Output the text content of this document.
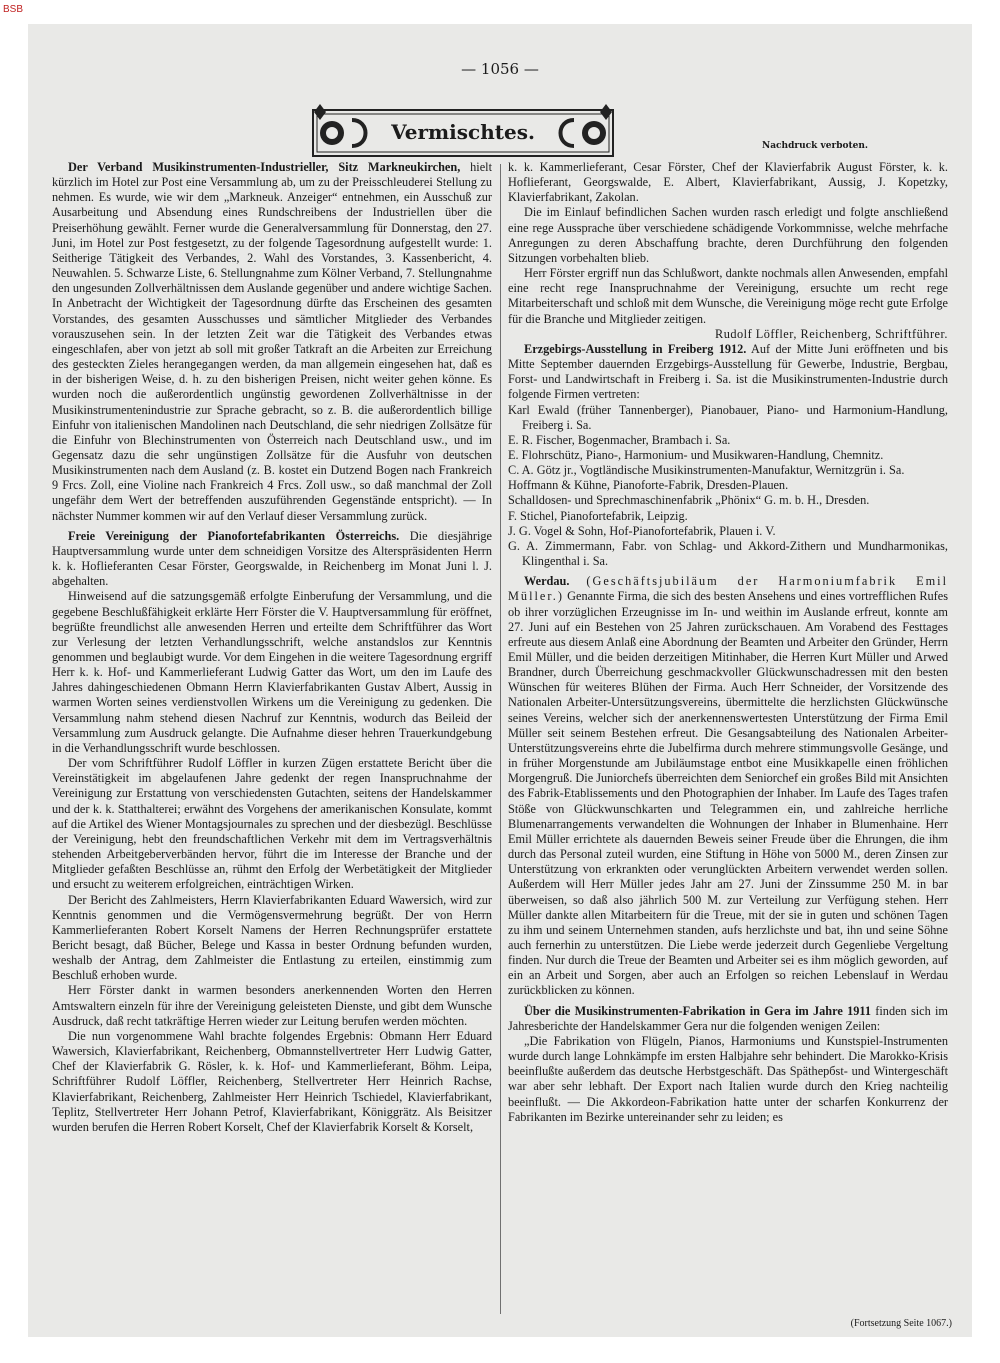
BSB
— 1056 —
Vermischtes.
Nachdruck verboten.

Der Verband Musikinstrumenten-Industrieller, Sitz Markneukirchen, hielt kürzlich im Hotel zur Post eine Versammlung ab, um zu der Preisschleuderei Stellung zu nehmen. Es wurde, wie wir dem „Markneuk. Anzeiger“ entnehmen, ein Ausschuß zur Ausarbeitung und Absendung eines Rundschreibens der Industriellen über die Preiserhöhung gewählt. Ferner wurde die Generalversammlung für Donnerstag, den 27. Juni, im Hotel zur Post festgesetzt, zu der folgende Tagesordnung aufgestellt wurde: 1. Seitherige Tätigkeit des Verbandes, 2. Wahl des Vorstandes, 3. Kassenbericht, 4. Neuwahlen. 5. Schwarze Liste, 6. Stellungnahme zum Kölner Verband, 7. Stellungnahme den ungesunden Zollverhältnissen dem Auslande gegenüber und andere wichtige Sachen. In Anbetracht der Wichtigkeit der Tagesordnung dürfte das Erscheinen des gesamten Vorstandes, des gesamten Ausschusses und sämtlicher Mitglieder des Verbandes vorauszusehen sein. In der letzten Zeit war die Tätigkeit des Verbandes etwas eingeschlafen, aber von jetzt ab soll mit großer Tatkraft an die Arbeiten zur Erreichung des gesteckten Zieles herangegangen werden, da man allgemein eingesehen hat, daß es in der bisherigen Weise, d. h. zu den bisherigen Preisen, nicht weiter gehen könne. Es wurden noch die außerordentlich ungünstig gewordenen Zollverhältnisse in der Musikinstrumentenindustrie zur Sprache gebracht, so z. B. die außerordentlich billige Einfuhr von italienischen Mandolinen nach Deutschland, die sehr niedrigen Zollsätze für die Einfuhr von Blechinstrumenten von Österreich nach Deutschland usw., und im Gegensatz dazu die sehr ungünstigen Zollsätze für die Ausfuhr von deutschen Musikinstrumenten nach dem Ausland (z. B. kostet ein Dutzend Bogen nach Frankreich 9 Frcs. Zoll, eine Violine nach Frankreich 4 Frcs. Zoll usw., so daß manchmal der Zoll ungefähr dem Wert der betreffenden auszuführenden Gegenstände entspricht). — In nächster Nummer kommen wir auf den Verlauf dieser Versammlung zurück.

Freie Vereinigung der Pianofortefabrikanten Österreichs. Die diesjährige Hauptversammlung wurde unter dem schneidigen Vorsitze des Alterspräsidenten Herrn k. k. Hoflieferanten Cesar Förster, Georgswalde, in Reichenberg im Monat Juni l. J. abgehalten.

Hinweisend auf die satzungsgemäß erfolgte Einberufung der Versammlung, und die gegebene Beschlußfähigkeit erklärte Herr Förster die V. Hauptversammlung für eröffnet, begrüßte freundlichst alle anwesenden Herren und erteilte dem Schriftführer das Wort zur Verlesung der letzten Verhandlungsschrift, welche anstandslos zur Kenntnis genommen und beglaubigt wurde. Vor dem Eingehen in die weitere Tagesordnung ergriff Herr k. k. Hof- und Kammerlieferant Ludwig Gatter das Wort, um den im Laufe des Jahres dahingeschiedenen Obmann Herrn Klavierfabrikanten Gustav Albert, Aussig in warmen Worten seines verdienstvollen Wirkens um die Vereinigung zu gedenken. Die Versammlung nahm stehend diesen Nachruf zur Kenntnis, wodurch das Beileid der Versammlung zum Ausdruck gelangte. Die Aufnahme dieser hehren Trauerkundgebung in die Verhandlungsschrift wurde beschlossen.

Der vom Schriftführer Rudolf Löffler in kurzen Zügen erstattete Bericht über die Vereinstätigkeit im abgelaufenen Jahre gedenkt der regen Inanspruchnahme der Vereinigung zur Erstattung von verschiedensten Gutachten, seitens der Handelskammer und der k. k. Statthalterei; erwähnt des Vorgehens der amerikanischen Konsulate, kommt auf die Artikel des Wiener Montagsjournales zu sprechen und der diesbezügl. Beschlüsse der Vereinigung, hebt den freundschaftlichen Verkehr mit dem im Vertragsverhältnis stehenden Arbeitgeberverbänden hervor, führt die im Interesse der Branche und der Mitglieder gefaßten Beschlüsse an, rühmt den Erfolg der Werbetätigkeit der Mitglieder und ersucht zu weiterem erfolgreichen, einträchtigen Wirken.

Der Bericht des Zahlmeisters, Herrn Klavierfabrikanten Eduard Wawersich, wird zur Kenntnis genommen und die Vermögensvermehrung begrüßt. Der von Herrn Kammerlieferanten Robert Korselt Namens der Herren Rechnungsprüfer erstattete Bericht besagt, daß Bücher, Belege und Kassa in bester Ordnung befunden wurden, weshalb der Antrag, dem Zahlmeister die Entlastung zu erteilen, einstimmig zum Beschluß erhoben wurde.

Herr Förster dankt in warmen besonders anerkennenden Worten den Herren Amtswaltern einzeln für ihre der Vereinigung geleisteten Dienste, und gibt dem Wunsche Ausdruck, daß recht tatkräftige Herren wieder zur Leitung berufen werden möchten.

Die nun vorgenommene Wahl brachte folgendes Ergebnis: Obmann Herr Eduard Wawersich, Klavierfabrikant, Reichenberg, Obmannstellvertreter Herr Ludwig Gatter, Chef der Klavierfabrik G. Rösler, k. k. Hof- und Kammerlieferant, Böhm. Leipa, Schriftführer Rudolf Löffler, Reichenberg, Stellvertreter Herr Heinrich Rachse, Klavierfabrikant, Reichenberg, Zahlmeister Herr Heinrich Tschiedel, Klavierfabrikant, Teplitz, Stellvertreter Herr Johann Petrof, Klavierfabrikant, Königgrätz. Als Beisitzer wurden berufen die Herren Robert Korselt, Chef der Klavierfabrik Korselt & Korselt,

k. k. Kammerlieferant, Cesar Förster, Chef der Klavierfabrik August Förster, k. k. Hoflieferant, Georgswalde, E. Albert, Klavierfabrikant, Aussig, J. Kopetzky, Klavierfabrikant, Zakolan.

Die im Einlauf befindlichen Sachen wurden rasch erledigt und folgte anschließend eine rege Aussprache über verschiedene schädigende Vorkommnisse, welche mehrfache Anregungen zu deren Abschaffung brachte, deren Durchführung den folgenden Sitzungen vorbehalten blieb.

Herr Förster ergriff nun das Schlußwort, dankte nochmals allen Anwesenden, empfahl eine recht rege Inanspruchnahme der Vereinigung, ersuchte um recht rege Mitarbeiterschaft und schloß mit dem Wunsche, die Vereinigung möge recht gute Erfolge für die Branche und Mitglieder zeitigen.

Rudolf Löffler, Reichenberg, Schriftführer.

Erzgebirgs-Ausstellung in Freiberg 1912. Auf der Mitte Juni eröffneten und bis Mitte September dauernden Erzgebirgs-Ausstellung für Gewerbe, Industrie, Bergbau, Forst- und Landwirtschaft in Freiberg i. Sa. ist die Musikinstrumenten-Industrie durch folgende Firmen vertreten:

Karl Ewald (früher Tannenberger), Pianobauer, Piano- und Harmonium-Handlung, Freiberg i. Sa.

E. R. Fischer, Bogenmacher, Brambach i. Sa.

E. Flohrschütz, Piano-, Harmonium- und Musikwaren-Handlung, Chemnitz.

C. A. Götz jr., Vogtländische Musikinstrumenten-Manufaktur, Wernitzgrün i. Sa.

Hoffmann & Kühne, Pianoforte-Fabrik, Dresden-Plauen.

Schalldosen- und Sprechmaschinenfabrik „Phönix“ G. m. b. H., Dresden.

F. Stichel, Pianofortefabrik, Leipzig.

J. G. Vogel & Sohn, Hof-Pianofortefabrik, Plauen i. V.

G. A. Zimmermann, Fabr. von Schlag- und Akkord-Zithern und Mundharmonikas, Klingenthal i. Sa.

Werdau. (Geschäftsjubiläum der Harmoniumfabrik Emil Müller.) Genannte Firma, die sich des besten Ansehens und eines vortrefflichen Rufes ob ihrer vorzüglichen Erzeugnisse im In- und weithin im Auslande erfreut, konnte am 27. Juni auf ein Bestehen von 25 Jahren zurückschauen. Am Vorabend des Festtages erfreute aus diesem Anlaß eine Abordnung der Beamten und Arbeiter den Gründer, Herrn Emil Müller, und die beiden derzeitigen Mitinhaber, die Herren Kurt Müller und Arwed Brandner, durch Überreichung geschmackvoller Glückwunschadressen mit den besten Wünschen für weiteres Blühen der Firma. Auch Herr Schneider, der Vorsitzende des Nationalen Arbeiter-Untersützungsvereins, übermittelte die herzlichsten Glückwünsche seines Vereins, welcher sich der anerkennenswertesten Unterstützung der Firma Emil Müller seit seinem Bestehen erfreut. Die Gesangsabteilung des Nationalen Arbeiter-Unterstützungsvereins ehrte die Jubelfirma durch mehrere stimmungsvolle Gesänge, und in früher Morgenstunde am Jubiläumstage entbot eine Musikkapelle einen fröhlichen Morgengruß. Die Juniorchefs überreichten dem Seniorchef ein großes Bild mit Ansichten des Fabrik-Etablissements und den Photographien der Inhaber. Im Laufe des Tages trafen Stöße von Glückwunschkarten und Telegrammen ein, und zahlreiche herrliche Blumenarrangements verwandelten die Wohnungen der Inhaber in Blumenhaine. Herr Emil Müller errichtete als dauernden Beweis seiner Freude über die Ehrungen, die ihm durch das Personal zuteil wurden, eine Stiftung in Höhe von 5000 M., deren Zinsen zur Unterstützung von erkrankten oder verunglückten Arbeitern verwendet werden sollen. Außerdem will Herr Müller jedes Jahr am 27. Juni der Zinssumme 250 M. in bar überweisen, so daß also jährlich 500 M. zur Verteilung zur Verfügung stehen. Herr Müller dankte allen Mitarbeitern für die Treue, mit der sie in guten und schönen Tagen zu ihm und seinem Unternehmen standen, aufs herzlichste und bat, ihn und seine Söhne auch fernerhin zu unterstützen. Die Liebe werde jederzeit durch Gegenliebe Vergeltung finden. Nur durch die Treue der Beamten und Arbeiter sei es ihm möglich geworden, auf ein an Arbeit und Sorgen, aber auch an Erfolgen so reichen Lebenslauf in Werdau zurückblicken zu können.

Über die Musikinstrumenten-Fabrikation in Gera im Jahre 1911 finden sich im Jahresberichte der Handelskammer Gera nur die folgenden wenigen Zeilen:

„Die Fabrikation von Flügeln, Pianos, Harmoniums und Kunstspiel-Instrumenten wurde durch lange Lohnkämpfe im ersten Halbjahre sehr behindert. Die Marokko-Krisis beeinflußte außerdem das deutsche Herbstgeschäft. Das Späthербst- und Wintergeschäft war aber sehr lebhaft. Der Export nach Italien wurde durch den Krieg nachteilig beeinflußt. — Die Akkordeon-Fabrikation hatte unter der scharfen Konkurrenz der Fabrikanten im Bezirke untereinander sehr zu leiden; es

(Fortsetzung Seite 1067.)
